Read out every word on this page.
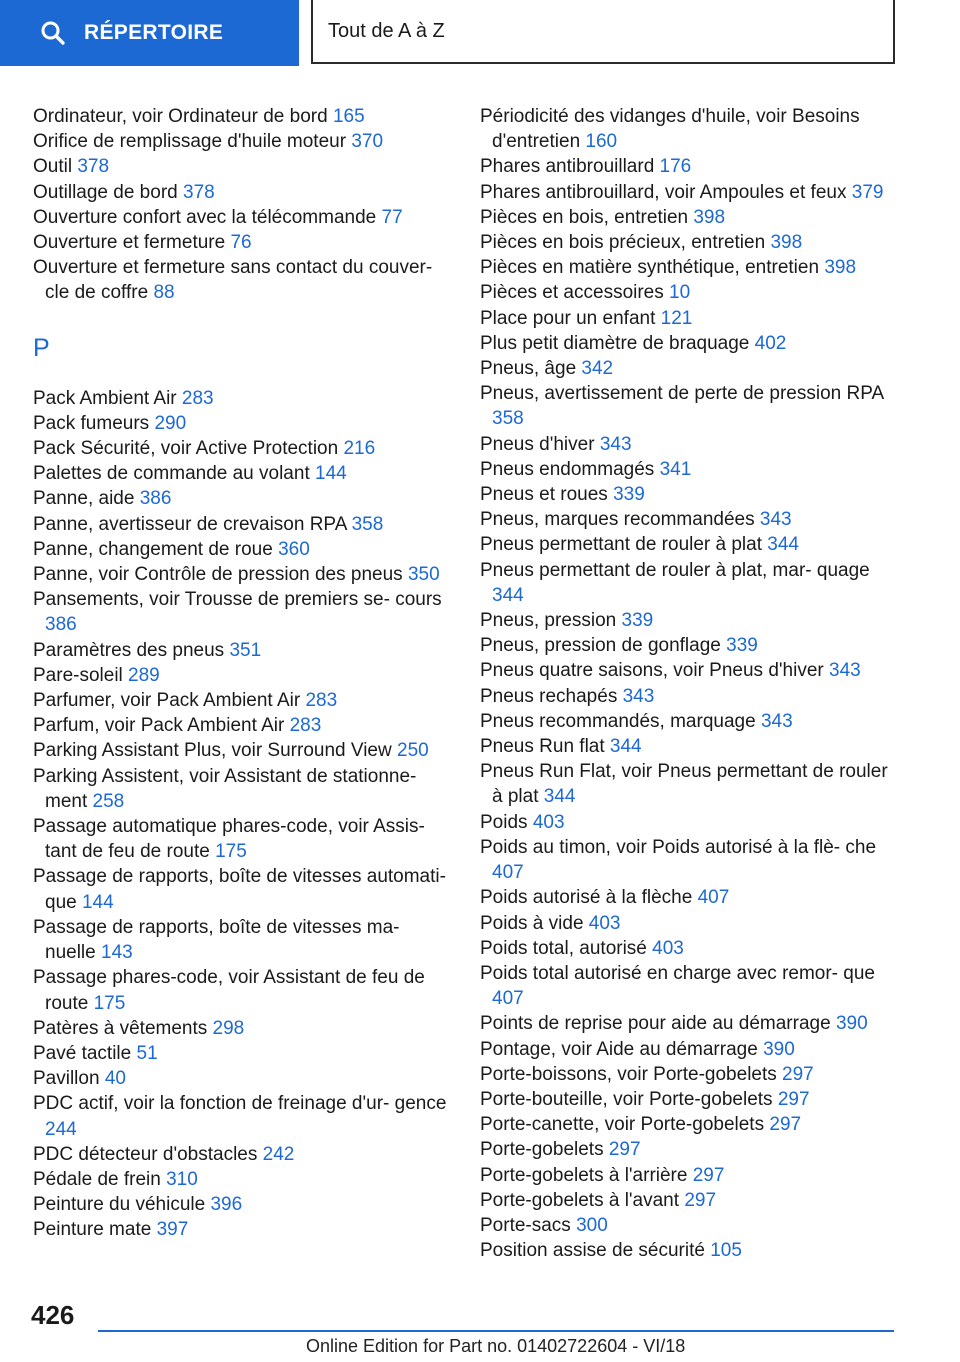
RÉPERTOIRE	Tout de A à Z
Ordinateur, voir Ordinateur de bord 165
Orifice de remplissage d'huile moteur 370
Outil 378
Outillage de bord 378
Ouverture confort avec la télécommande 77
Ouverture et fermeture 76
Ouverture et fermeture sans contact du couver‐ cle de coffre 88
P
Pack Ambient Air 283
Pack fumeurs 290
Pack Sécurité, voir Active Protection 216
Palettes de commande au volant 144
Panne, aide 386
Panne, avertisseur de crevaison RPA 358
Panne, changement de roue 360
Panne, voir Contrôle de pression des pneus 350
Pansements, voir Trousse de premiers se‐ cours 386
Paramètres des pneus 351
Pare-soleil 289
Parfumer, voir Pack Ambient Air 283
Parfum, voir Pack Ambient Air 283
Parking Assistant Plus, voir Surround View 250
Parking Assistent, voir Assistant de stationne‐ ment 258
Passage automatique phares-code, voir Assis‐ tant de feu de route 175
Passage de rapports, boîte de vitesses automati‐ que 144
Passage de rapports, boîte de vitesses ma‐ nuelle 143
Passage phares-code, voir Assistant de feu de route 175
Patères à vêtements 298
Pavé tactile 51
Pavillon 40
PDC actif, voir la fonction de freinage d'ur‐ gence 244
PDC détecteur d'obstacles 242
Pédale de frein 310
Peinture du véhicule 396
Peinture mate 397
Périodicité des vidanges d'huile, voir Besoins d'entretien 160
Phares antibrouillard 176
Phares antibrouillard, voir Ampoules et feux 379
Pièces en bois, entretien 398
Pièces en bois précieux, entretien 398
Pièces en matière synthétique, entretien 398
Pièces et accessoires 10
Place pour un enfant 121
Plus petit diamètre de braquage 402
Pneus, âge 342
Pneus, avertissement de perte de pression RPA 358
Pneus d'hiver 343
Pneus endommagés 341
Pneus et roues 339
Pneus, marques recommandées 343
Pneus permettant de rouler à plat 344
Pneus permettant de rouler à plat, mar‐ quage 344
Pneus, pression 339
Pneus, pression de gonflage 339
Pneus quatre saisons, voir Pneus d'hiver 343
Pneus rechapés 343
Pneus recommandés, marquage 343
Pneus Run flat 344
Pneus Run Flat, voir Pneus permettant de rouler à plat 344
Poids 403
Poids au timon, voir Poids autorisé à la flè‐ che 407
Poids autorisé à la flèche 407
Poids à vide 403
Poids total, autorisé 403
Poids total autorisé en charge avec remor‐ que 407
Points de reprise pour aide au démarrage 390
Pontage, voir Aide au démarrage 390
Porte-boissons, voir Porte-gobelets 297
Porte-bouteille, voir Porte-gobelets 297
Porte-canette, voir Porte-gobelets 297
Porte-gobelets 297
Porte-gobelets à l'arrière 297
Porte-gobelets à l'avant 297
Porte-sacs 300
Position assise de sécurité 105
426
Online Edition for Part no. 01402722604 - VI/18
